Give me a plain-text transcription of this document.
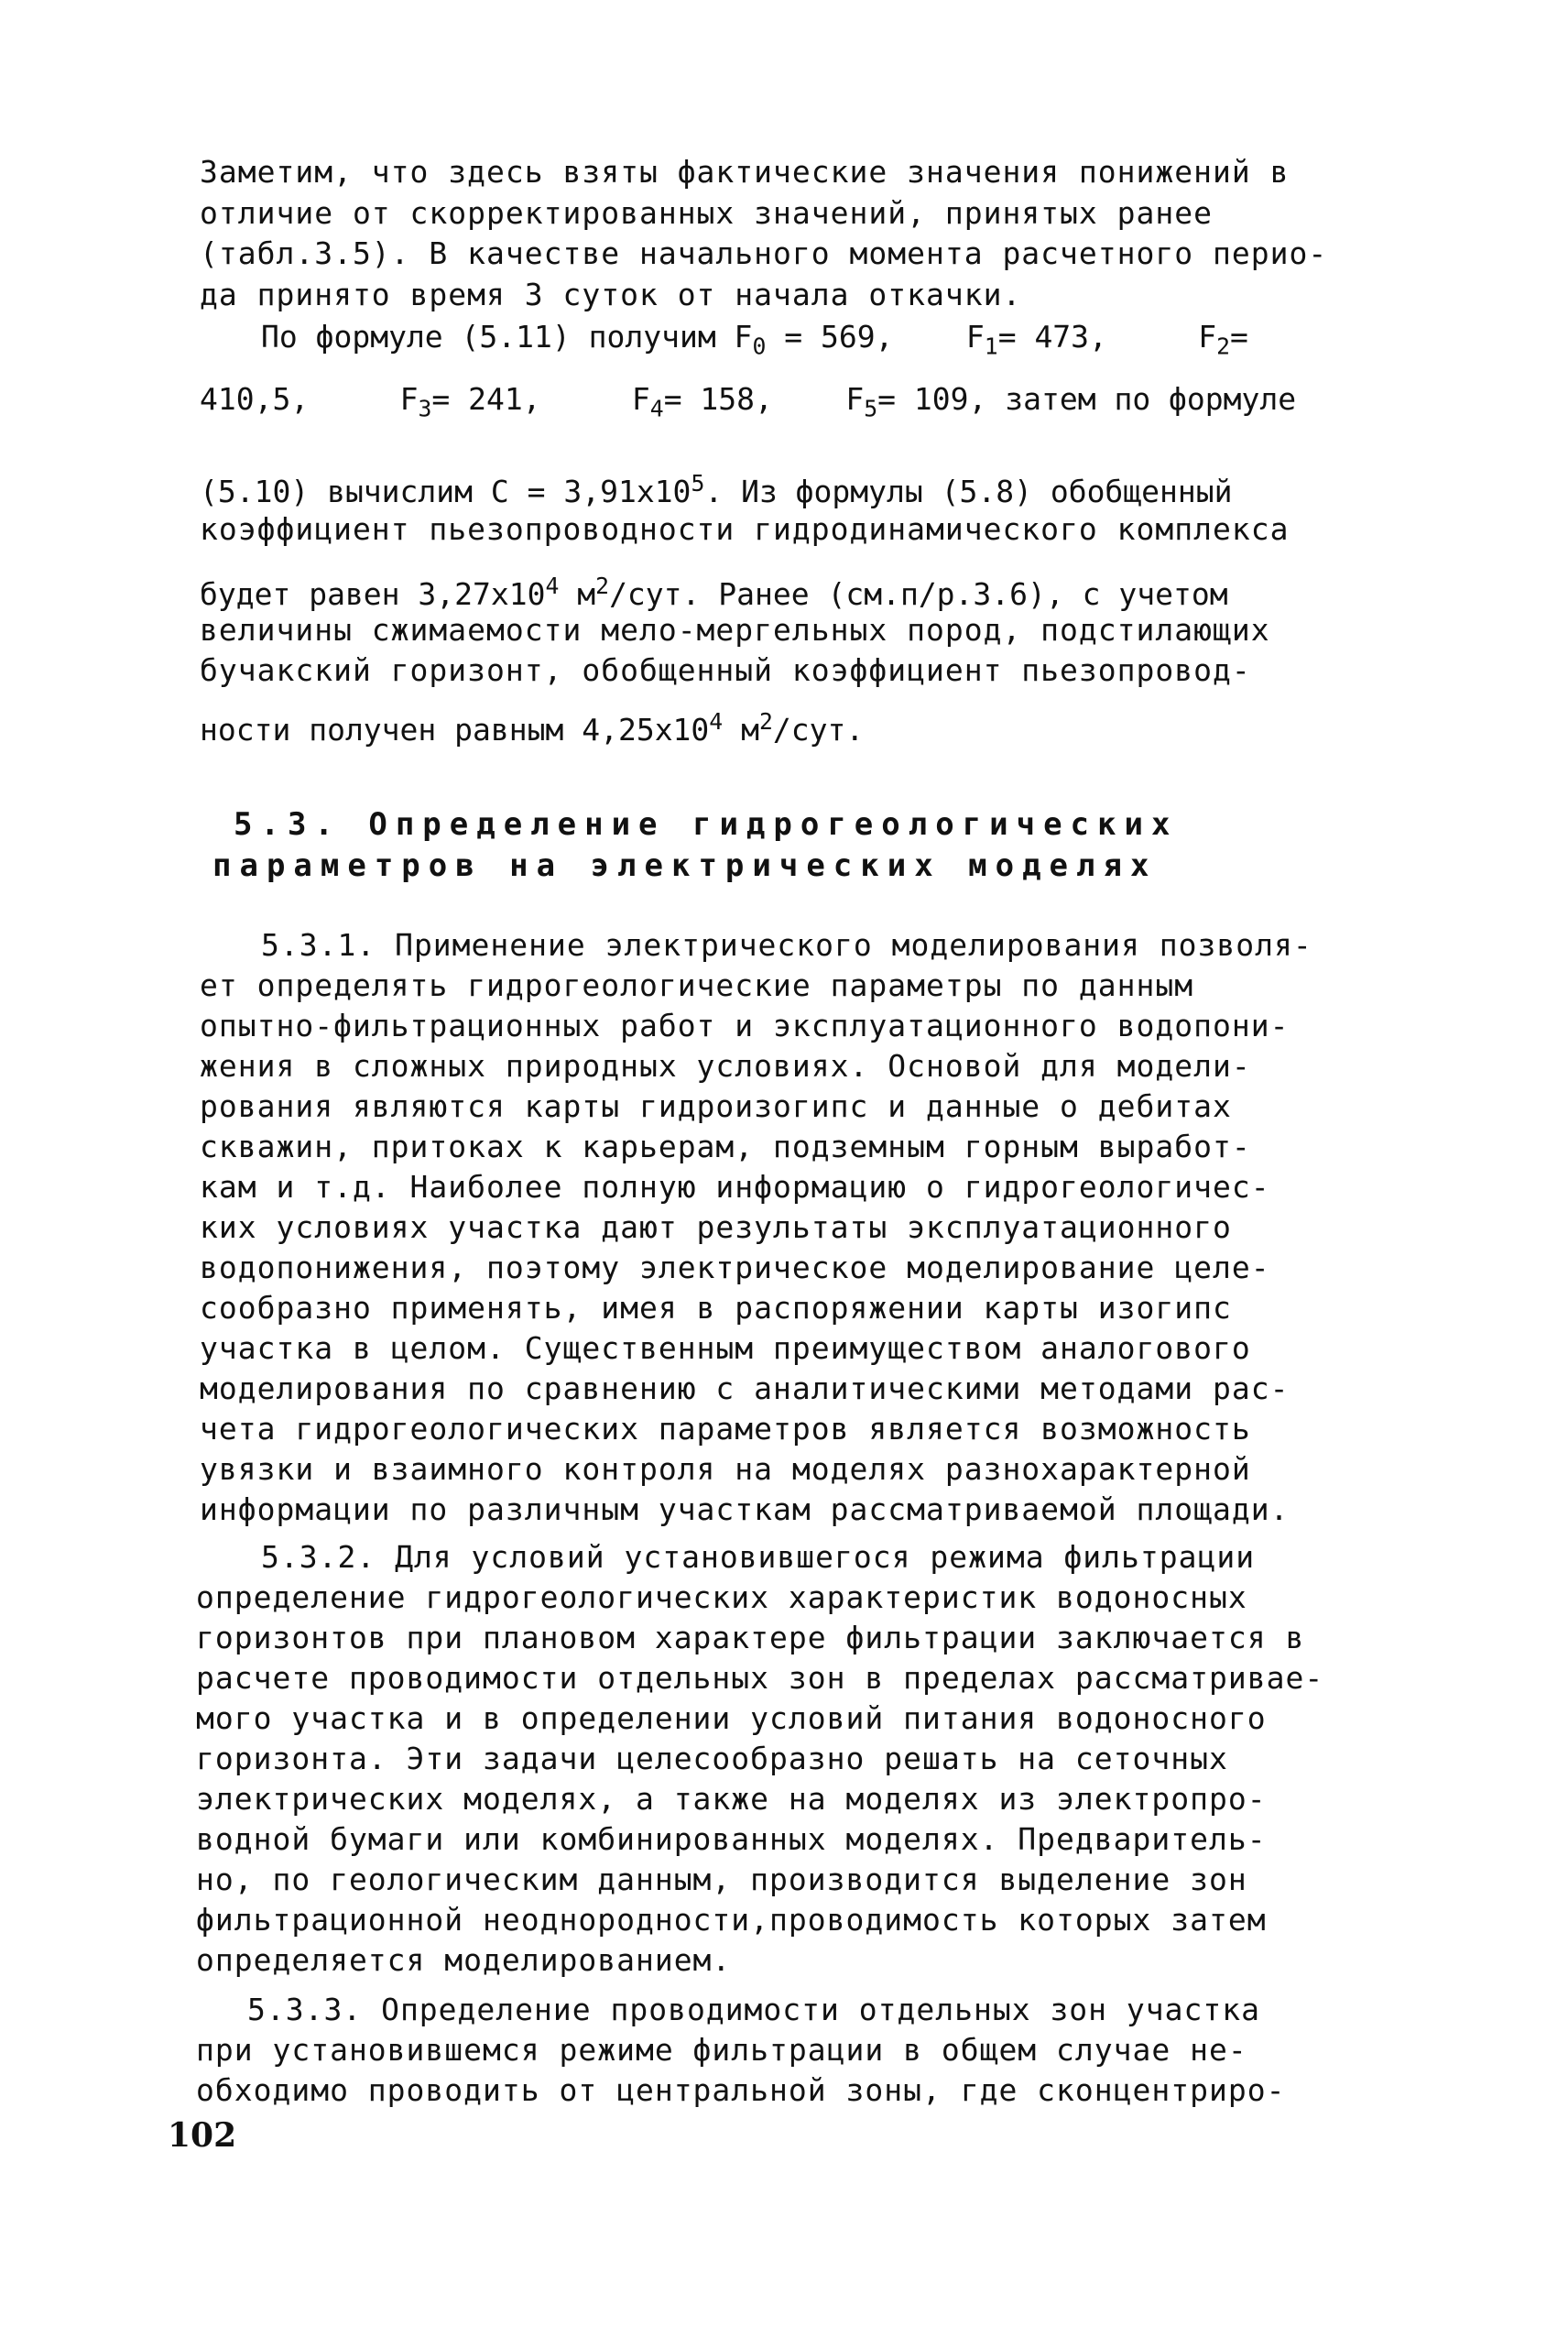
Заметим, что здесь взяты фактические значения понижений в
отличие от скорректированных значений, принятых ранее
(табл.3.5). В качестве начального момента расчетного перио-
да принято время 3 суток от начала откачки.
По формуле (5.11) получим $F_0 = 569$, $F_1= 473$,	$F_2=$
410,5,	$F_3= 241$,	$F_4= 158$, $F_5= 109$, затем по формуле
(5.10) вычислим $С = 3,91x10^5$. Из формулы (5.8) обобщенный
коэффициент пьезопроводности гидродинамического комплекса
будет равен $3,27x10^4$ $м^2$/сут. Ранее (см.п/р.3.6), с учетом
величины сжимаемости мело-мергельных пород, подстилающих
бучакский горизонт, обобщенный коэффициент пьезопровод-
ности получен равным $4,25x10^4$ $м^2$/сут.
5.3. Определение гидрогеологических
параметров на электрических моделях
5.3.1. Применение электрического моделирования позволя-
ет определять гидрогеологические параметры по данным
опытно-фильтрационных работ и эксплуатационного водопони-
жения в сложных природных условиях. Основой для модели-
рования являются карты гидроизогипс и данные о дебитах
скважин, притоках к карьерам, подземным горным выработ-
кам и т.д. Наиболее полную информацию о гидрогеологичес-
ких условиях участка дают результаты эксплуатационного
водопонижения, поэтому электрическое моделирование целе-
сообразно применять, имея в распоряжении карты изогипс
участка в целом. Существенным преимуществом аналогового
моделирования по сравнению с аналитическими методами рас-
чета гидрогеологических параметров является возможность
увязки и взаимного контроля на моделях разнохарактерной
информации по различным участкам рассматриваемой площади.
5.3.2. Для условий установившегося режима фильтрации
определение гидрогеологических характеристик водоносных
горизонтов при плановом характере фильтрации заключается в
расчете проводимости отдельных зон в пределах рассматривае-
мого участка и в определении условий питания водоносного
горизонта. Эти задачи целесообразно решать на сеточных
электрических моделях, а также на моделях из электропро-
водной бумаги или комбинированных моделях. Предваритель-
но, по геологическим данным, производится выделение зон
фильтрационной неоднородности,проводимость которых затем
определяется моделированием.
5.3.3. Определение проводимости отдельных зон участка
при установившемся режиме фильтрации в общем случае не-
обходимо проводить от центральной зоны, где сконцентриро-
102
